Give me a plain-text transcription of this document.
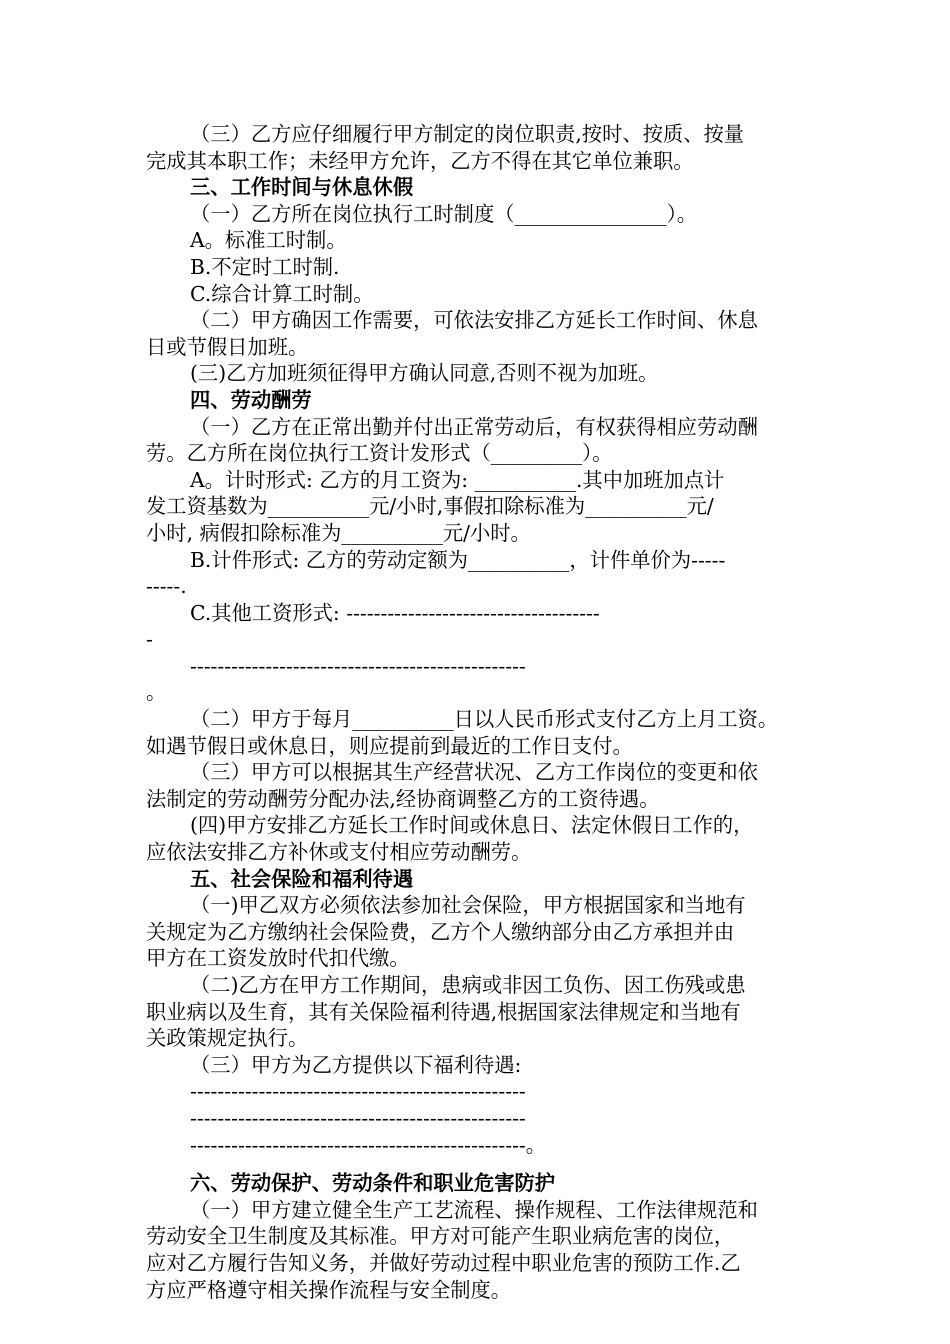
（三）乙方应仔细履行甲方制定的岗位职责,按时、按质、按量
完成其本职工作；未经甲方允许，乙方不得在其它单位兼职。
三、工作时间与休息休假
（一）乙方所在岗位执行工时制度（_______________）。
A。标准工时制。
B.不定时工时制.
C.综合计算工时制。
（二）甲方确因工作需要，可依法安排乙方延长工作时间、休息
日或节假日加班。
(三)乙方加班须征得甲方确认同意,否则不视为加班。
四、劳动酬劳
（一）乙方在正常出勤并付出正常劳动后，有权获得相应劳动酬
劳。乙方所在岗位执行工资计发形式（_________）。
A。计时形式: 乙方的月工资为: __________.其中加班加点计
发工资基数为__________元/小时,事假扣除标准为__________元/
小时, 病假扣除标准为__________元/小时。
B.计件形式: 乙方的劳动定额为__________，计件单价为-----
-----.
C.其他工资形式: -------------------------------------
-
-------------------------------------------------
。
（二）甲方于每月__________日以人民币形式支付乙方上月工资。
如遇节假日或休息日，则应提前到最近的工作日支付。
（三）甲方可以根据其生产经营状况、乙方工作岗位的变更和依
法制定的劳动酬劳分配办法,经协商调整乙方的工资待遇。
(四)甲方安排乙方延长工作时间或休息日、法定休假日工作的，
应依法安排乙方补休或支付相应劳动酬劳。
五、社会保险和福利待遇
（一)甲乙双方必须依法参加社会保险，甲方根据国家和当地有
关规定为乙方缴纳社会保险费，乙方个人缴纳部分由乙方承担并由
甲方在工资发放时代扣代缴。
（二)乙方在甲方工作期间，患病或非因工负伤、因工伤残或患
职业病以及生育，其有关保险福利待遇,根据国家法律规定和当地有
关政策规定执行。
（三）甲方为乙方提供以下福利待遇:
-------------------------------------------------
-------------------------------------------------
-------------------------------------------------。
六、劳动保护、劳动条件和职业危害防护
（一）甲方建立健全生产工艺流程、操作规程、工作法律规范和
劳动安全卫生制度及其标准。甲方对可能产生职业病危害的岗位，
应对乙方履行告知义务，并做好劳动过程中职业危害的预防工作.乙
方应严格遵守相关操作流程与安全制度。
